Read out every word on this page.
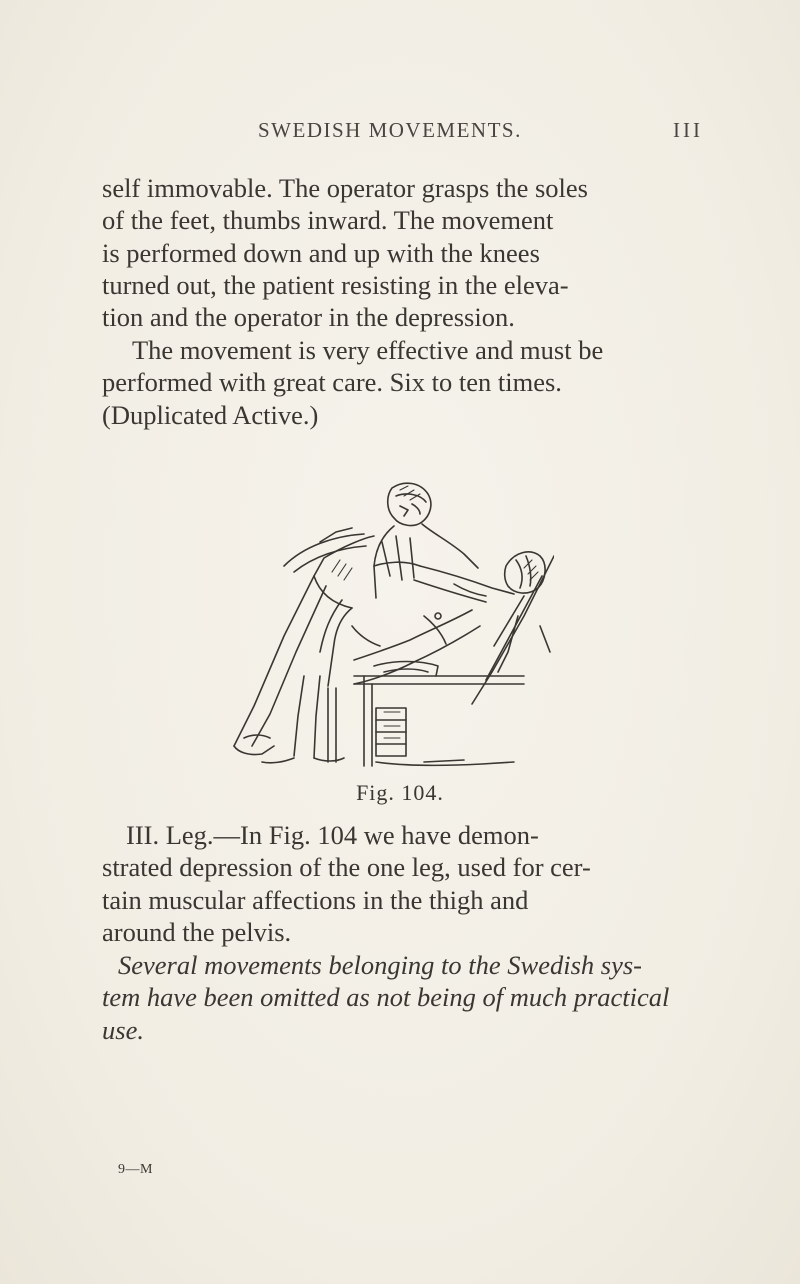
SWEDISH MOVEMENTS.	III

self immovable. The operator grasps the soles
of the feet, thumbs inward. The movement
is performed down and up with the knees
turned out, the patient resisting in the eleva-
tion and the operator in the depression.

The movement is very effective and must be
performed with great care. Six to ten times.
(Duplicated Active.)

Fig. 104.

III. Leg.—In Fig. 104 we have demon-
strated depression of the one leg, used for cer-
tain muscular affections in the thigh and
around the pelvis.

Several movements belonging to the Swedish sys-
tem have been omitted as not being of much practical
use.

9—M
